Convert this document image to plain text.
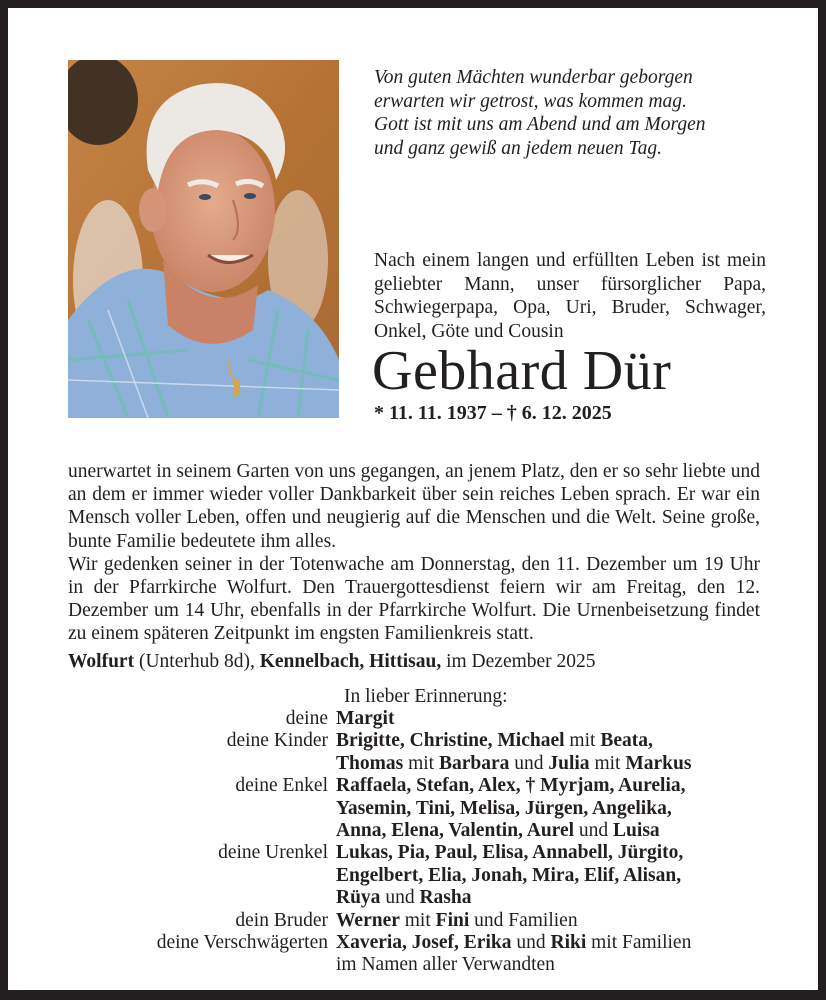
Von guten Mächten wunderbar geborgen
erwarten wir getrost, was kommen mag.
Gott ist mit uns am Abend und am Morgen
und ganz gewiß an jedem neuen Tag.
Nach einem langen und erfüllten Leben ist mein geliebter Mann, unser fürsorglicher Papa, Schwiegerpapa, Opa, Uri, Bruder, Schwager, Onkel, Göte und Cousin
Gebhard Dür
* 11. 11. 1937 – † 6. 12. 2025

unerwartet in seinem Garten von uns gegangen, an jenem Platz, den er so sehr liebte und an dem er immer wieder voller Dankbarkeit über sein reiches Leben sprach. Er war ein Mensch voller Leben, offen und neugierig auf die Menschen und die Welt. Seine große, bunte Familie bedeutete ihm alles.

Wir gedenken seiner in der Totenwache am Donnerstag, den 11. Dezember um 19 Uhr in der Pfarrkirche Wolfurt. Den Trauergottesdienst feiern wir am Freitag, den 12. Dezember um 14 Uhr, ebenfalls in der Pfarrkirche Wolfurt. Die Urnenbeisetzung findet zu einem späteren Zeitpunkt im engsten Familienkreis statt.

Wolfurt (Unterhub 8d), Kennelbach, Hittisau, im Dezember 2025
In lieber Erinnerung:
deine Margit
deine Kinder Brigitte, Christine, Michael mit Beata,
Thomas mit Barbara und Julia mit Markus
deine Enkel Raffaela, Stefan, Alex, † Myrjam, Aurelia,
Yasemin, Tini, Melisa, Jürgen, Angelika,
Anna, Elena, Valentin, Aurel und Luisa
deine Urenkel Lukas, Pia, Paul, Elisa, Annabell, Jürgito,
Engelbert, Elia, Jonah, Mira, Elif, Alisan,
Rüya und Rasha
dein Bruder Werner mit Fini und Familien
deine Verschwägerten Xaveria, Josef, Erika und Riki mit Familien
im Namen aller Verwandten
